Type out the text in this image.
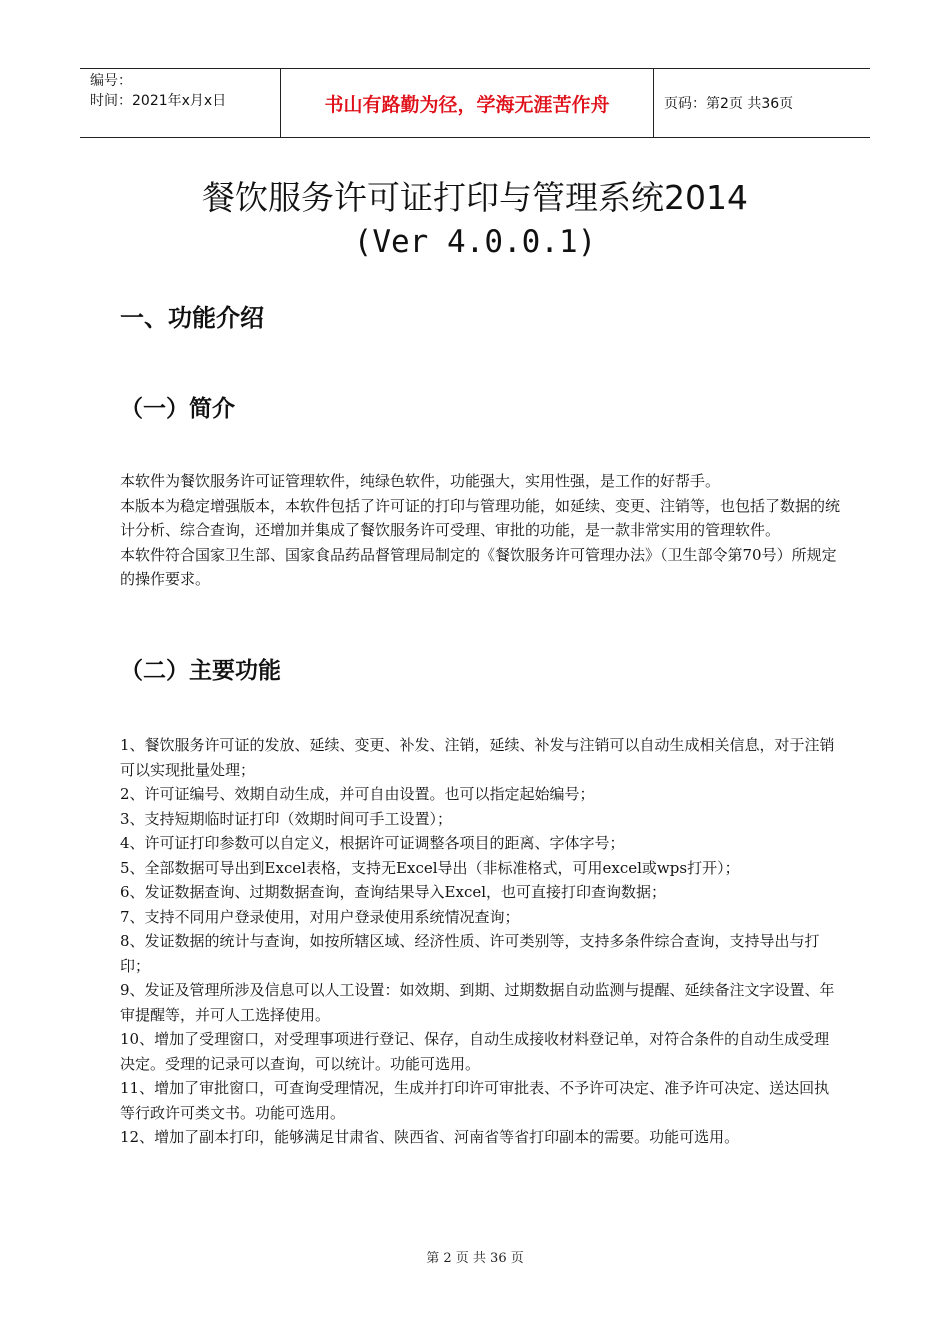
编号：
时间：2021年x月x日	书山有路勤为径，学海无涯苦作舟	页码：第2页 共36页
餐饮服务许可证打印与管理系统2014
(Ver 4.0.0.1)
一、功能介绍
（一）简介

本软件为餐饮服务许可证管理软件，纯绿色软件，功能强大，实用性强，是工作的好帮手。

本版本为稳定增强版本，本软件包括了许可证的打印与管理功能，如延续、变更、注销等，也包括了数据的统计分析、综合查询，还增加并集成了餐饮服务许可受理、审批的功能，是一款非常实用的管理软件。

本软件符合国家卫生部、国家食品药品督管理局制定的《餐饮服务许可管理办法》（卫生部令第70号）所规定的操作要求。

（二）主要功能

1、餐饮服务许可证的发放、延续、变更、补发、注销，延续、补发与注销可以自动生成相关信息，对于注销可以实现批量处理；

2、许可证编号、效期自动生成，并可自由设置。也可以指定起始编号；

3、支持短期临时证打印（效期时间可手工设置）；

4、许可证打印参数可以自定义，根据许可证调整各项目的距离、字体字号；

5、全部数据可导出到Excel表格，支持无Excel导出（非标准格式，可用excel或wps打开）；

6、发证数据查询、过期数据查询，查询结果导入Excel，也可直接打印查询数据；

7、支持不同用户登录使用，对用户登录使用系统情况查询；

8、发证数据的统计与查询，如按所辖区域、经济性质、许可类别等，支持多条件综合查询，支持导出与打印；

9、发证及管理所涉及信息可以人工设置：如效期、到期、过期数据自动监测与提醒、延续备注文字设置、年审提醒等，并可人工选择使用。

10、增加了受理窗口，对受理事项进行登记、保存，自动生成接收材料登记单，对符合条件的自动生成受理决定。受理的记录可以查询，可以统计。功能可选用。

11、增加了审批窗口，可查询受理情况，生成并打印许可审批表、不予许可决定、准予许可决定、送达回执等行政许可类文书。功能可选用。

12、增加了副本打印，能够满足甘肃省、陕西省、河南省等省打印副本的需要。功能可选用。

第 2 页 共 36 页
